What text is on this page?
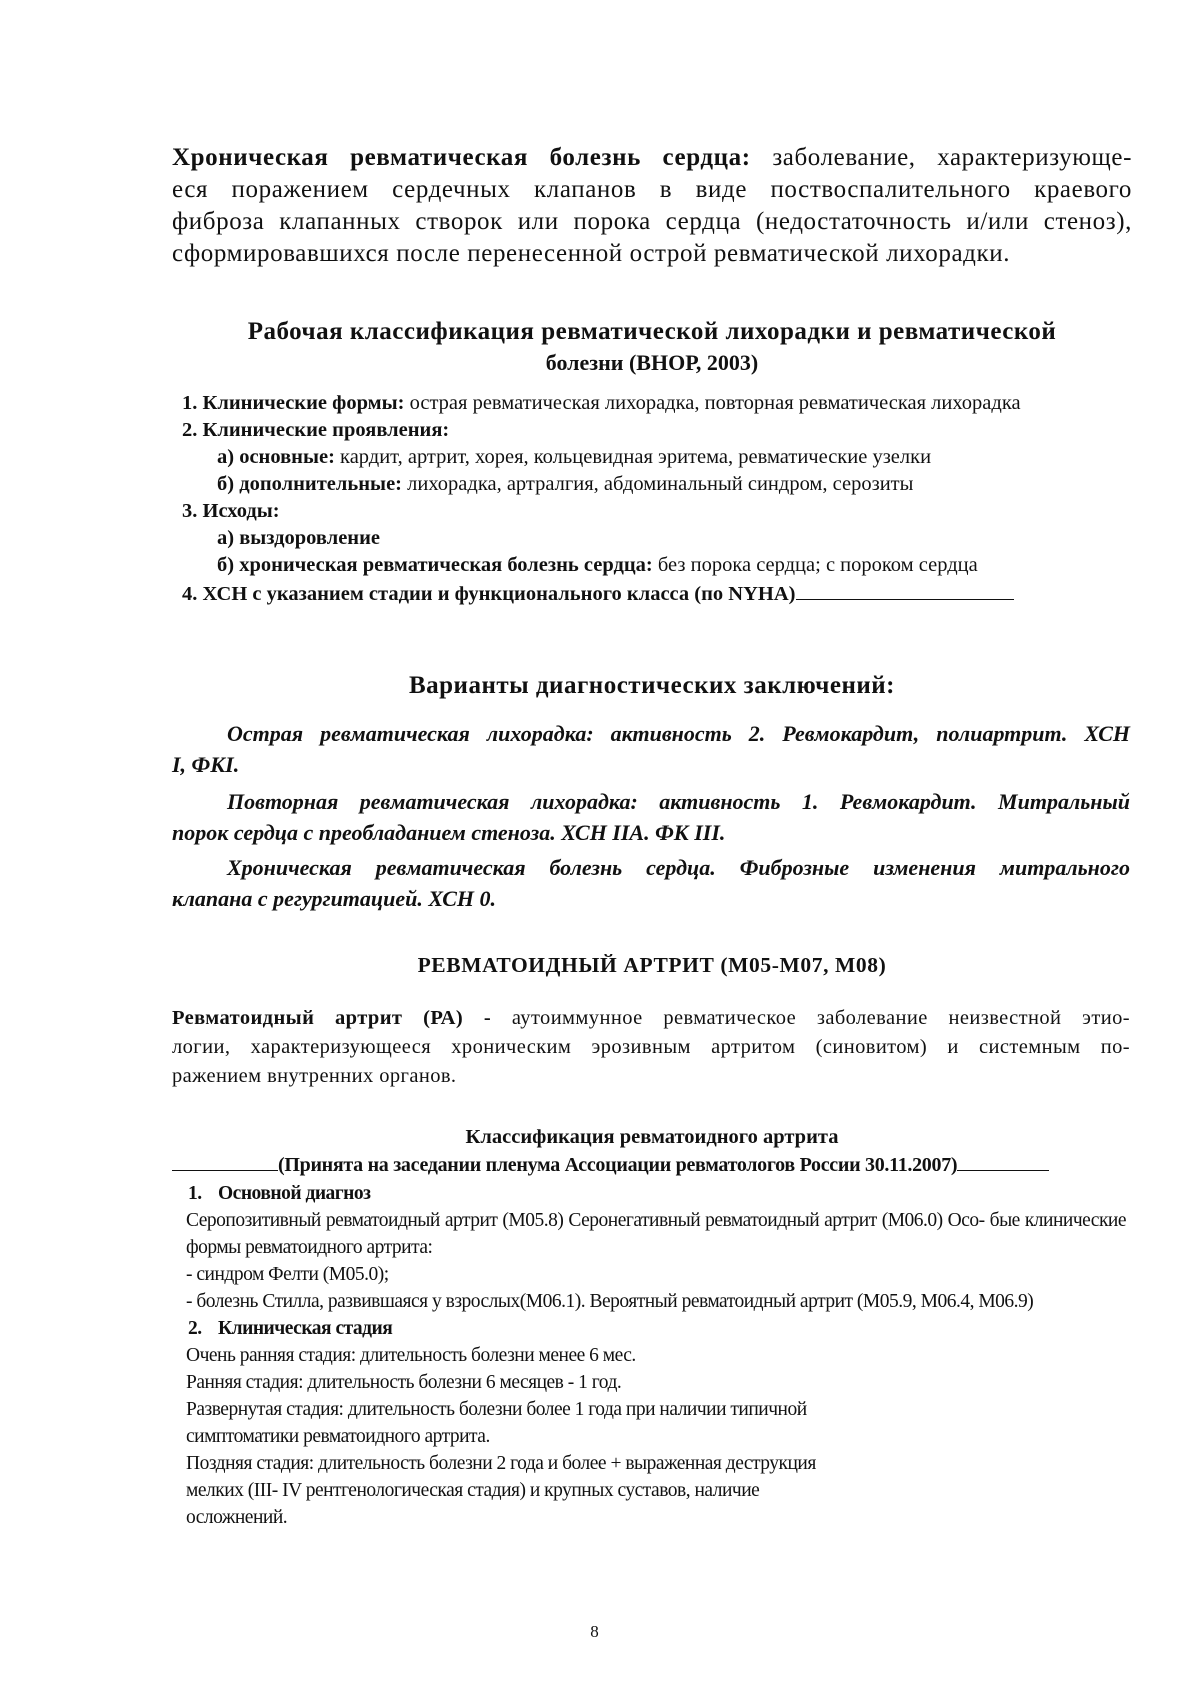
Хроническая ревматическая болезнь сердца: заболевание, характеризующе-
еся поражением сердечных клапанов в виде поствоспалительного краевого
фиброза клапанных створок или порока сердца (недостаточность и/или стеноз),
сформировавшихся после перенесенной острой ревматической лихорадки.
Рабочая классификация ревматической лихорадки и ревматической
болезни (ВНОР, 2003)
1. Клинические формы: острая ревматическая лихорадка, повторная ревматическая лихорадка
2. Клинические проявления:
а) основные: кардит, артрит, хорея, кольцевидная эритема, ревматические узелки
б) дополнительные: лихорадка, артралгия, абдоминальный синдром, серозиты
3. Исходы:
а) выздоровление
б) хроническая ревматическая болезнь сердца: без порока сердца; с пороком сердца
4. ХСН с указанием стадии и функционального класса (по NYHA)
Варианты диагностических заключений:
Острая ревматическая лихорадка: активность 2. Ревмокардит, полиартрит. ХСН
I, ФКI.
Повторная ревматическая лихорадка: активность 1. Ревмокардит. Митральный
порок сердца с преобладанием стеноза. ХСН IIА. ФК III.
Хроническая ревматическая болезнь сердца. Фиброзные изменения митрального
клапана с регургитацией. ХСН 0.
РЕВМАТОИДНЫЙ АРТРИТ (М05-М07, М08)
Ревматоидный артрит (РА) - аутоиммунное ревматическое заболевание неизвестной этио-
логии, характеризующееся хроническим эрозивным артритом (синовитом) и системным по-
ражением внутренних органов.
Классификация ревматоидного артрита
(Принята на заседании пленума Ассоциации ревматологов России 30.11.2007)
1. Основной диагноз
Серопозитивный ревматоидный артрит (М05.8) Серонегативный ревматоидный артрит (М06.0) Осо- бые клинические формы ревматоидного артрита:
- синдром Фелти (М05.0);
- болезнь Стилла, развившаяся у взрослых(М06.1). Вероятный ревматоидный артрит (М05.9, М06.4, М06.9)
2. Клиническая стадия
Очень ранняя стадия: длительность болезни менее 6 мес.
Ранняя стадия: длительность болезни 6 месяцев - 1 год.
Развернутая стадия: длительность болезни более 1 года при наличии типичной
симптоматики ревматоидного артрита.
Поздняя стадия: длительность болезни 2 года и более + выраженная деструкция
мелких (III- IV рентгенологическая стадия) и крупных суставов, наличие
осложнений.
8
